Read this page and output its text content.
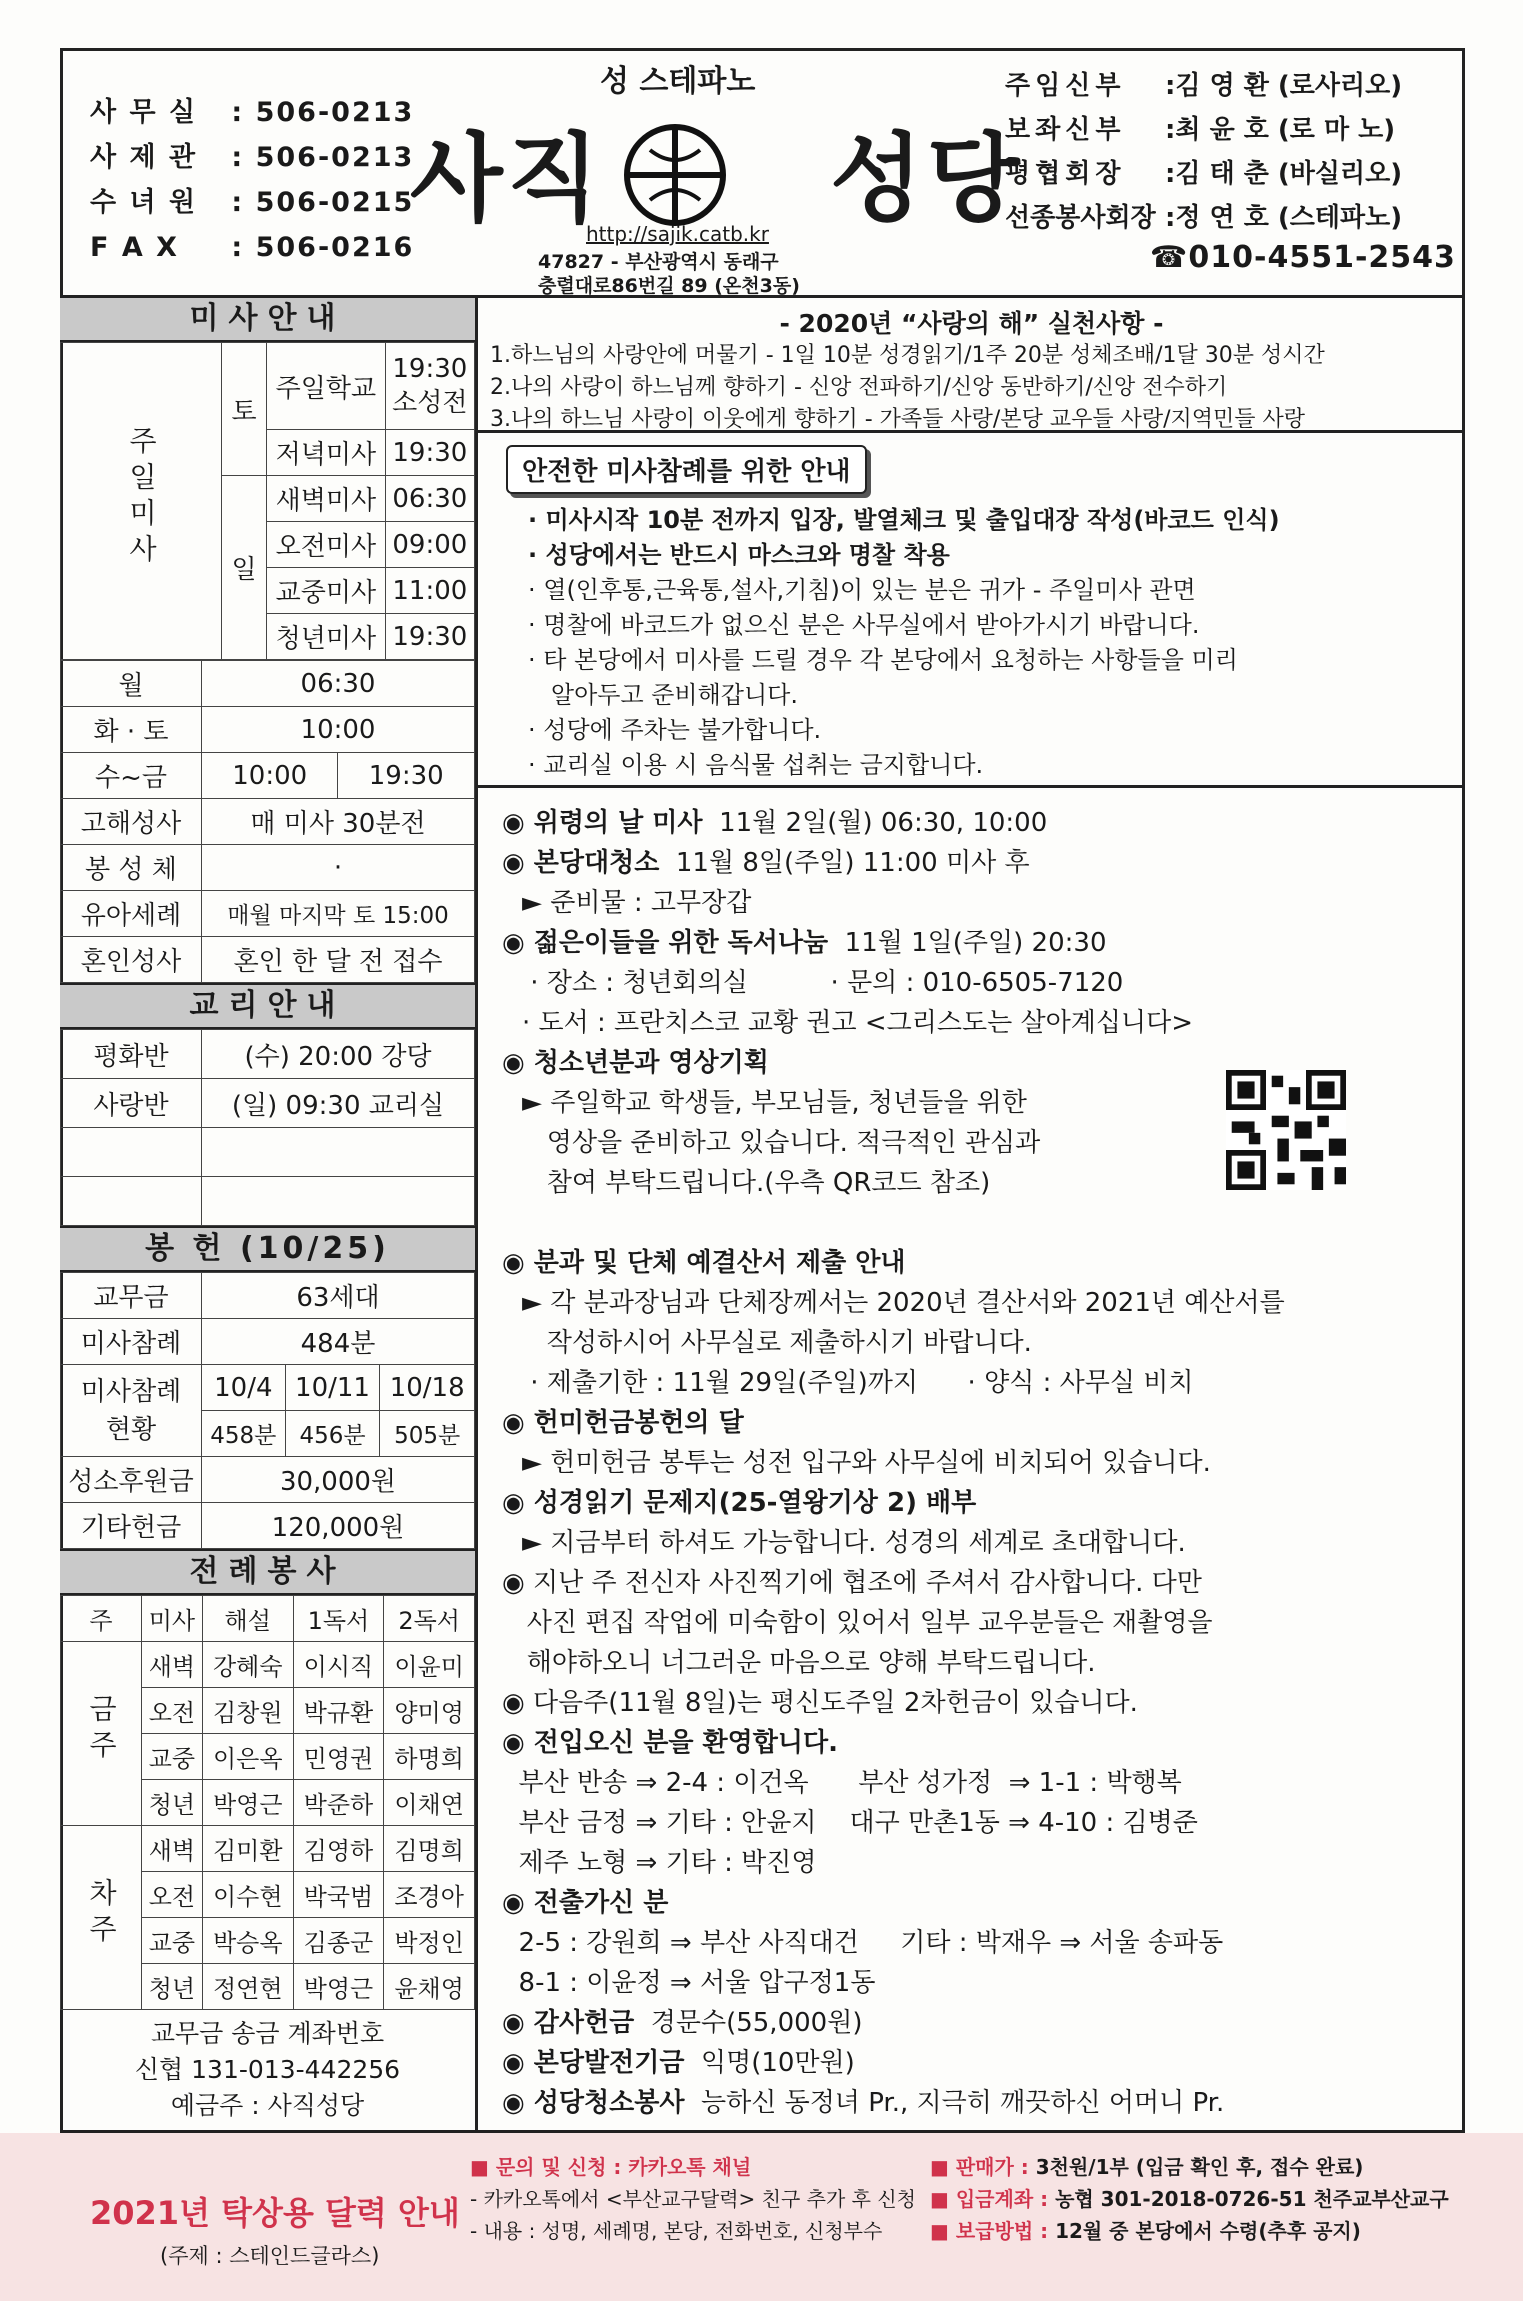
사 무 실 : 506-0213
사 제 관 : 506-0213
수 녀 원 : 506-0215
F A X : 506-0216
성 스테파노
사직 성당
http://sajik.catb.kr
47827 - 부산광역시 동래구
충렬대로86번길 89 (온천3동)
주임신부	: 김 영 환 (로사리오)
보좌신부	: 최 윤 호 (로 마 노)
평협회장	: 김 태 춘 (바실리오)
선종봉사회장 : 정 연 호 (스테파노)
☎010-4551-2543
미사안내
주일미사	토	주일학교	19:30
소성전
		저녁미사	19:30
	일	새벽미사	06:30
		오전미사	09:00
		교중미사	11:00
		청년미사	19:30
월	06:30	
화 · 토	10:00	
수~금	10:00	19:30
고해성사	매 미사 30분전	
봉 성 체	·	
유아세례	매월 마지막 토 15:00	
혼인성사	혼인 한 달 전 접수	
교리안내
평화반	(수) 20:00 강당
사랑반	(일) 09:30 교리실

봉 헌 (10/25)
교무금	63세대		
미사참례	484분		
미사참례
현황	10/4	10/11	10/18
	458분	456분	505분
성소후원금	30,000원		
기타헌금	120,000원		
전례봉사
주	미사	해설	1독서	2독서
금주	새벽	강혜숙	이시직	이윤미
	오전	김창원	박규환	양미영
	교중	이은옥	민영권	하명희
	청년	박영근	박준하	이채연
차주	새벽	김미환	김영하	김명희
	오전	이수현	박국범	조경아
	교중	박승옥	김종군	박정인
	청년	정연현	박영근	윤채영
교무금 송금 계좌번호
신협 131-013-442256
예금주 : 사직성당
- 2020년 “사랑의 해” 실천사항 -
1.하느님의 사랑안에 머물기 - 1일 10분 성경읽기/1주 20분 성체조배/1달 30분 성시간
2.나의 사랑이 하느님께 향하기 - 신앙 전파하기/신앙 동반하기/신앙 전수하기
3.나의 하느님 사랑이 이웃에게 향하기 - 가족들 사랑/본당 교우들 사랑/지역민들 사랑
안전한 미사참례를 위한 안내
· 미사시작 10분 전까지 입장, 발열체크 및 출입대장 작성(바코드 인식)
· 성당에서는 반드시 마스크와 명찰 착용
· 열(인후통,근육통,설사,기침)이 있는 분은 귀가 - 주일미사 관면
· 명찰에 바코드가 없으신 분은 사무실에서 받아가시기 바랍니다.
· 타 본당에서 미사를 드릴 경우 각 본당에서 요청하는 사항들을 미리
알아두고 준비해갑니다.
· 성당에 주차는 불가합니다.
· 교리실 이용 시 음식물 섭취는 금지합니다.
◉ 위령의 날 미사  11월 2일(월) 06:30, 10:00
◉ 본당대청소  11월 8일(주일) 11:00 미사 후
► 준비물 : 고무장갑
◉ 젊은이들을 위한 독서나눔  11월 1일(주일) 20:30
· 장소 : 청년회의실          · 문의 : 010-6505-7120
· 도서 : 프란치스코 교황 권고 <그리스도는 살아계십니다>
◉ 청소년분과 영상기획
► 주일학교 학생들, 부모님들, 청년들을 위한
영상을 준비하고 있습니다. 적극적인 관심과
참여 부탁드립니다.(우측 QR코드 참조)
◉ 분과 및 단체 예결산서 제출 안내
► 각 분과장님과 단체장께서는 2020년 결산서와 2021년 예산서를
작성하시어 사무실로 제출하시기 바랍니다.
· 제출기한 : 11월 29일(주일)까지      · 양식 : 사무실 비치
◉ 헌미헌금봉헌의 달
► 헌미헌금 봉투는 성전 입구와 사무실에 비치되어 있습니다.
◉ 성경읽기 문제지(25-열왕기상 2) 배부
► 지금부터 하셔도 가능합니다. 성경의 세계로 초대합니다.
◉ 지난 주 전신자 사진찍기에 협조에 주셔서 감사합니다. 다만
사진 편집 작업에 미숙함이 있어서 일부 교우분들은 재촬영을
해야하오니 너그러운 마음으로 양해 부탁드립니다.
◉ 다음주(11월 8일)는 평신도주일 2차헌금이 있습니다.
◉ 전입오신 분을 환영합니다.
부산 반송 ⇒ 2-4 : 이건옥      부산 성가정  ⇒ 1-1 : 박행복
부산 금정 ⇒ 기타 : 안윤지    대구 만촌1동 ⇒ 4-10 : 김병준
제주 노형 ⇒ 기타 : 박진영
◉ 전출가신 분
2-5 : 강원희 ⇒ 부산 사직대건     기타 : 박재우 ⇒ 서울 송파동
8-1 : 이윤정 ⇒ 서울 압구정1동
◉ 감사헌금  경문수(55,000원)
◉ 본당발전기금  익명(10만원)
◉ 성당청소봉사  능하신 동정녀 Pr., 지극히 깨끗하신 어머니 Pr.
2021년 탁상용 달력 안내
(주제 : 스테인드글라스)
■ 문의 및 신청 : 카카오톡 채널
- 카카오톡에서 <부산교구달력> 친구 추가 후 신청
- 내용 : 성명, 세례명, 본당, 전화번호, 신청부수
■ 판매가 : 3천원/1부 (입금 확인 후, 접수 완료)
■ 입금계좌 : 농협 301-2018-0726-51 천주교부산교구
■ 보급방법 : 12월 중 본당에서 수령(추후 공지)
